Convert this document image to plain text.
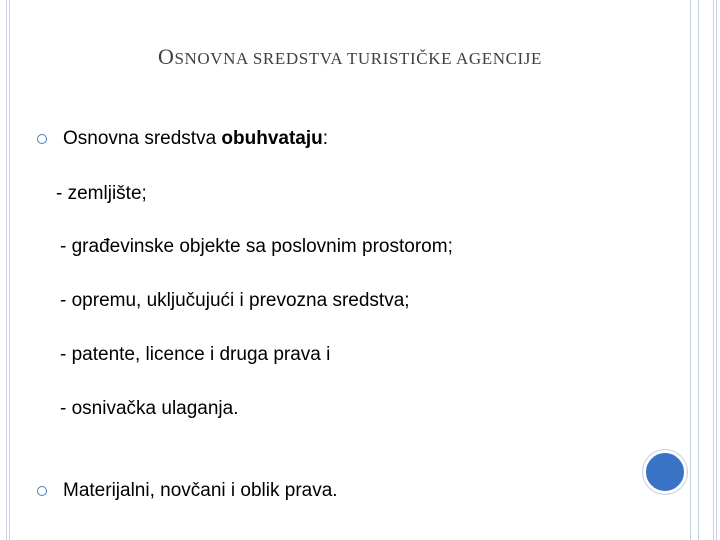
OSNOVNA SREDSTVA TURISTIČKE AGENCIJE
Osnovna sredstva obuhvataju:
- zemljište;
- građevinske objekte sa poslovnim prostorom;
- opremu, uključujući i prevozna sredstva;
- patente, licence i druga prava i
- osnivačka ulaganja.
Materijalni, novčani i oblik prava.
